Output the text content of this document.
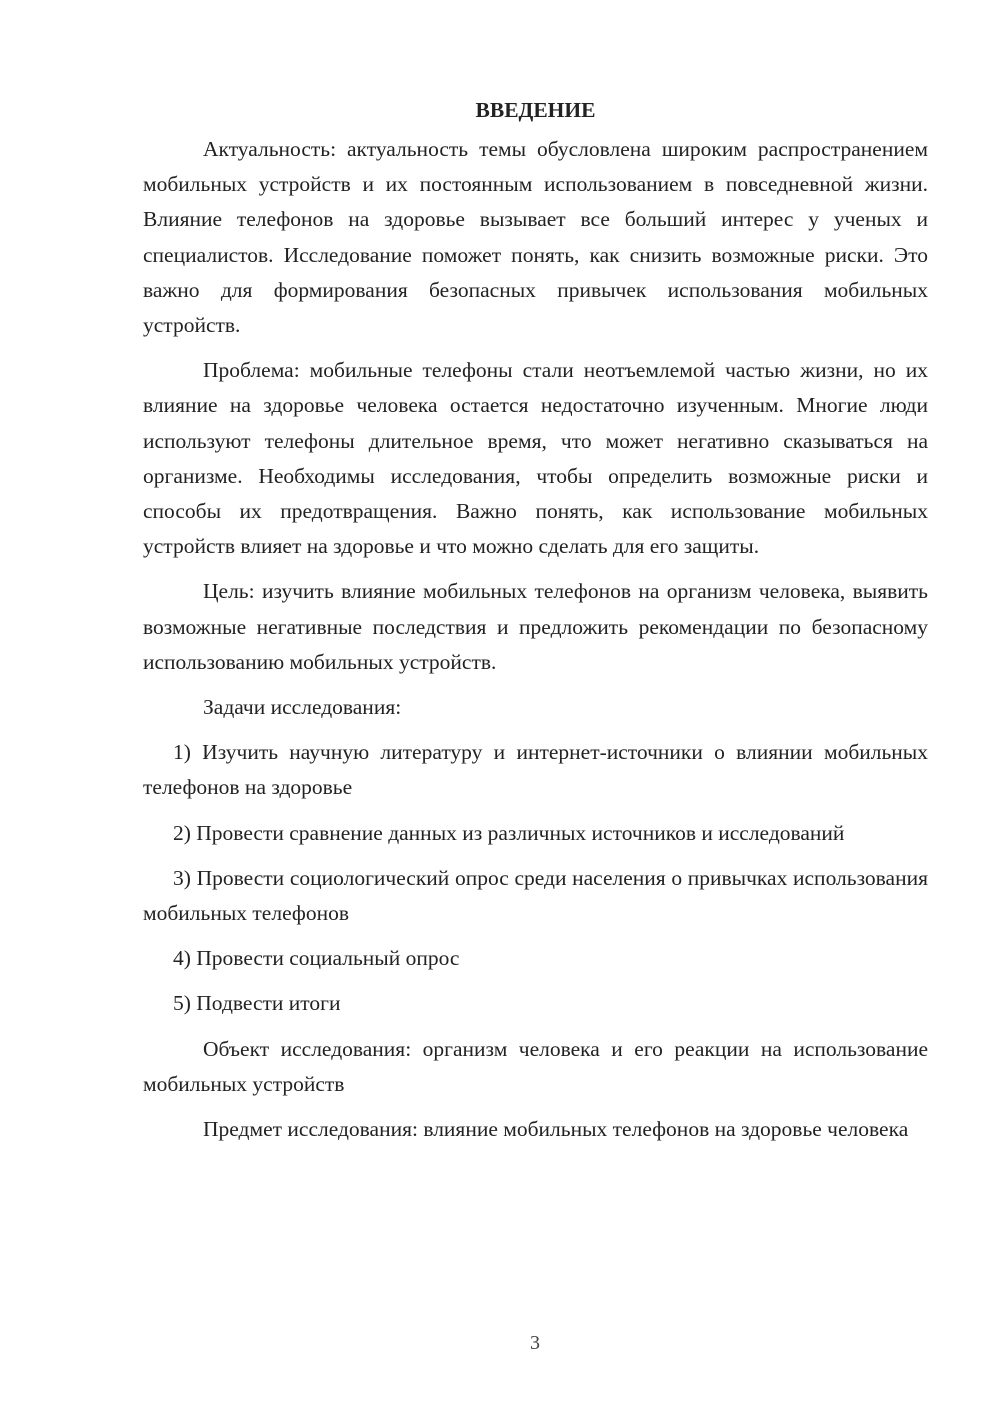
ВВЕДЕНИЕ

Актуальность: актуальность темы обусловлена широким распространением мобильных устройств и их постоянным использованием в повседневной жизни. Влияние телефонов на здоровье вызывает все больший интерес у ученых и специалистов. Исследование поможет понять, как снизить возможные риски. Это важно для формирования безопасных привычек использования мобильных устройств.

Проблема: мобильные телефоны стали неотъемлемой частью жизни, но их влияние на здоровье человека остается недостаточно изученным. Многие люди используют телефоны длительное время, что может негативно сказываться на организме. Необходимы исследования, чтобы определить возможные риски и способы их предотвращения. Важно понять, как использование мобильных устройств влияет на здоровье и что можно сделать для его защиты.

Цель: изучить влияние мобильных телефонов на организм человека, выявить возможные негативные последствия и предложить рекомендации по безопасному использованию мобильных устройств.

Задачи исследования:

1) Изучить научную литературу и интернет-источники о влиянии мобильных телефонов на здоровье

2) Провести сравнение данных из различных источников и исследований

3) Провести социологический опрос среди населения о привычках использования мобильных телефонов

4) Провести социальный опрос

5) Подвести итоги

Объект исследования: организм человека и его реакции на использование мобильных устройств

Предмет исследования: влияние мобильных телефонов на здоровье человека

3
